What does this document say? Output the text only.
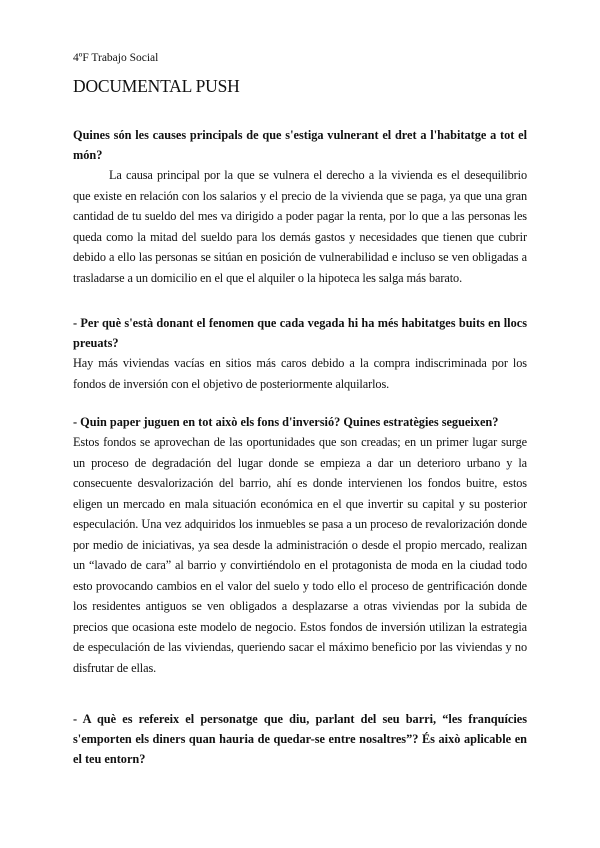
4ºF Trabajo Social
DOCUMENTAL PUSH

Quines són les causes principals de que s'estiga vulnerant el dret a l'habitatge a tot el món?

La causa principal por la que se vulnera el derecho a la vivienda es el desequilibrio que existe en relación con los salarios y el precio de la vivienda que se paga, ya que una gran cantidad de tu sueldo del mes va dirigido a poder pagar la renta, por lo que a las personas les queda como la mitad del sueldo para los demás gastos y necesidades que tienen que cubrir debido a ello las personas se sitúan en posición de vulnerabilidad e incluso se ven obligadas a trasladarse a un domicilio en el que el alquiler o la hipoteca les salga más barato.

- Per què s'està donant el fenomen que cada vegada hi ha més habitatges buits en llocs preuats?

Hay más viviendas vacías en sitios más caros debido a la compra indiscriminada por los fondos de inversión con el objetivo de posteriormente alquilarlos.

- Quin paper juguen en tot això els fons d'inversió? Quines estratègies segueixen?

Estos fondos se aprovechan de las oportunidades que son creadas; en un primer lugar surge un proceso de degradación del lugar donde se empieza a dar un deterioro urbano y la consecuente desvalorización del barrio, ahí es donde intervienen los fondos buitre, estos eligen un mercado en mala situación económica en el que invertir su capital y su posterior especulación. Una vez adquiridos los inmuebles se pasa a un proceso de revalorización donde por medio de iniciativas, ya sea desde la administración o desde el propio mercado, realizan un “lavado de cara” al barrio y convirtiéndolo en el protagonista de moda en la ciudad todo esto provocando cambios en el valor del suelo y todo ello el proceso de gentrificación donde los residentes antiguos se ven obligados a desplazarse a otras viviendas por la subida de precios que ocasiona este modelo de negocio. Estos fondos de inversión utilizan la estrategia de especulación de las viviendas, queriendo sacar el máximo beneficio por las viviendas y no disfrutar de ellas.

- A què es refereix el personatge que diu, parlant del seu barri, “les franquícies s'emporten els diners quan hauria de quedar-se entre nosaltres”? És això aplicable en el teu entorn?
